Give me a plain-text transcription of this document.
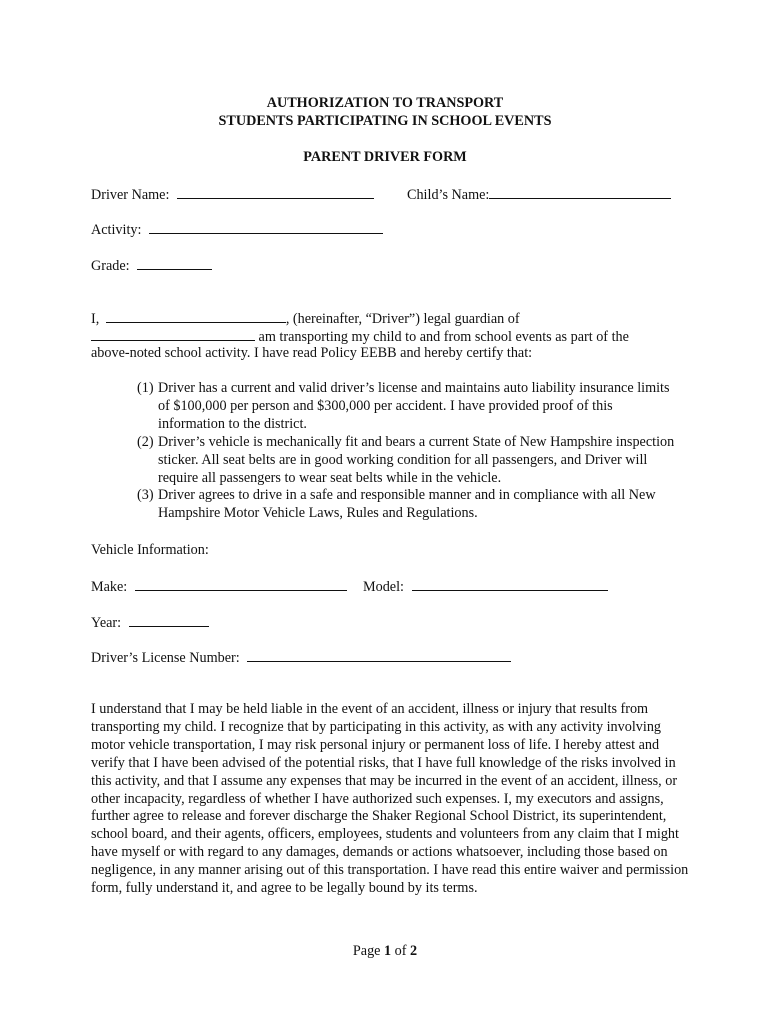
AUTHORIZATION TO TRANSPORT
STUDENTS PARTICIPATING IN SCHOOL EVENTS
PARENT DRIVER FORM
Driver Name:	Child’s Name:
Activity:
Grade:
I,	, (hereinafter, “Driver”) legal guardian of
am transporting my child to and from school events as part of the
above-noted school activity. I have read Policy EEBB and hereby certify that:
(1) Driver has a current and valid driver’s license and maintains auto liability insurance limits of $100,000 per person and $300,000 per accident. I have provided proof of this information to the district.
(2) Driver’s vehicle is mechanically fit and bears a current State of New Hampshire inspection sticker. All seat belts are in good working condition for all passengers, and Driver will require all passengers to wear seat belts while in the vehicle.
(3) Driver agrees to drive in a safe and responsible manner and in compliance with all New Hampshire Motor Vehicle Laws, Rules and Regulations.
Vehicle Information:
Make:	Model:
Year:
Driver’s License Number:
I understand that I may be held liable in the event of an accident, illness or injury that results from transporting my child. I recognize that by participating in this activity, as with any activity involving motor vehicle transportation, I may risk personal injury or permanent loss of life. I hereby attest and verify that I have been advised of the potential risks, that I have full knowledge of the risks involved in this activity, and that I assume any expenses that may be incurred in the event of an accident, illness, or other incapacity, regardless of whether I have authorized such expenses. I, my executors and assigns, further agree to release and forever discharge the Shaker Regional School District, its superintendent, school board, and their agents, officers, employees, students and volunteers from any claim that I might have myself or with regard to any damages, demands or actions whatsoever, including those based on negligence, in any manner arising out of this transportation. I have read this entire waiver and permission form, fully understand it, and agree to be legally bound by its terms.
Page 1 of 2
